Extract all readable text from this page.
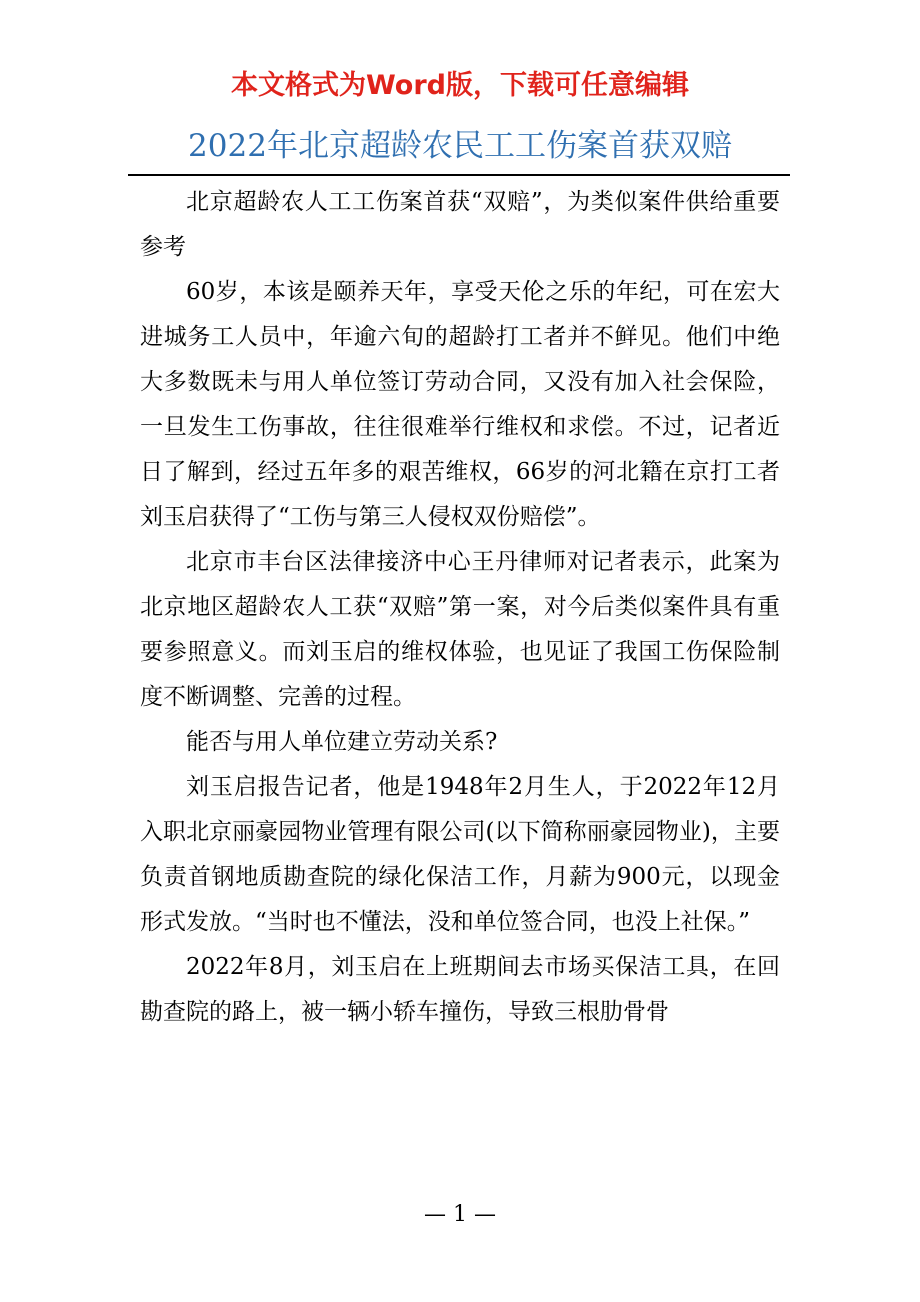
本文格式为Word版，下载可任意编辑
2022年北京超龄农民工工伤案首获双赔

北京超龄农人工工伤案首获“双赔”，为类似案件供给重要参考

60岁，本该是颐养天年，享受天伦之乐的年纪，可在宏大进城务工人员中，年逾六旬的超龄打工者并不鲜见。他们中绝大多数既未与用人单位签订劳动合同，又没有加入社会保险，一旦发生工伤事故，往往很难举行维权和求偿。不过，记者近日了解到，经过五年多的艰苦维权，66岁的河北籍在京打工者刘玉启获得了“工伤与第三人侵权双份赔偿”。

北京市丰台区法律接济中心王丹律师对记者表示，此案为北京地区超龄农人工获“双赔”第一案，对今后类似案件具有重要参照意义。而刘玉启的维权体验，也见证了我国工伤保险制度不断调整、完善的过程。

能否与用人单位建立劳动关系?

刘玉启报告记者，他是1948年2月生人，于2022年12月入职北京丽豪园物业管理有限公司(以下简称丽豪园物业)，主要负责首钢地质勘查院的绿化保洁工作，月薪为900元，以现金形式发放。“当时也不懂法，没和单位签合同，也没上社保。”

2022年8月，刘玉启在上班期间去市场买保洁工具，在回勘查院的路上，被一辆小轿车撞伤，导致三根肋骨骨

— 1 —
